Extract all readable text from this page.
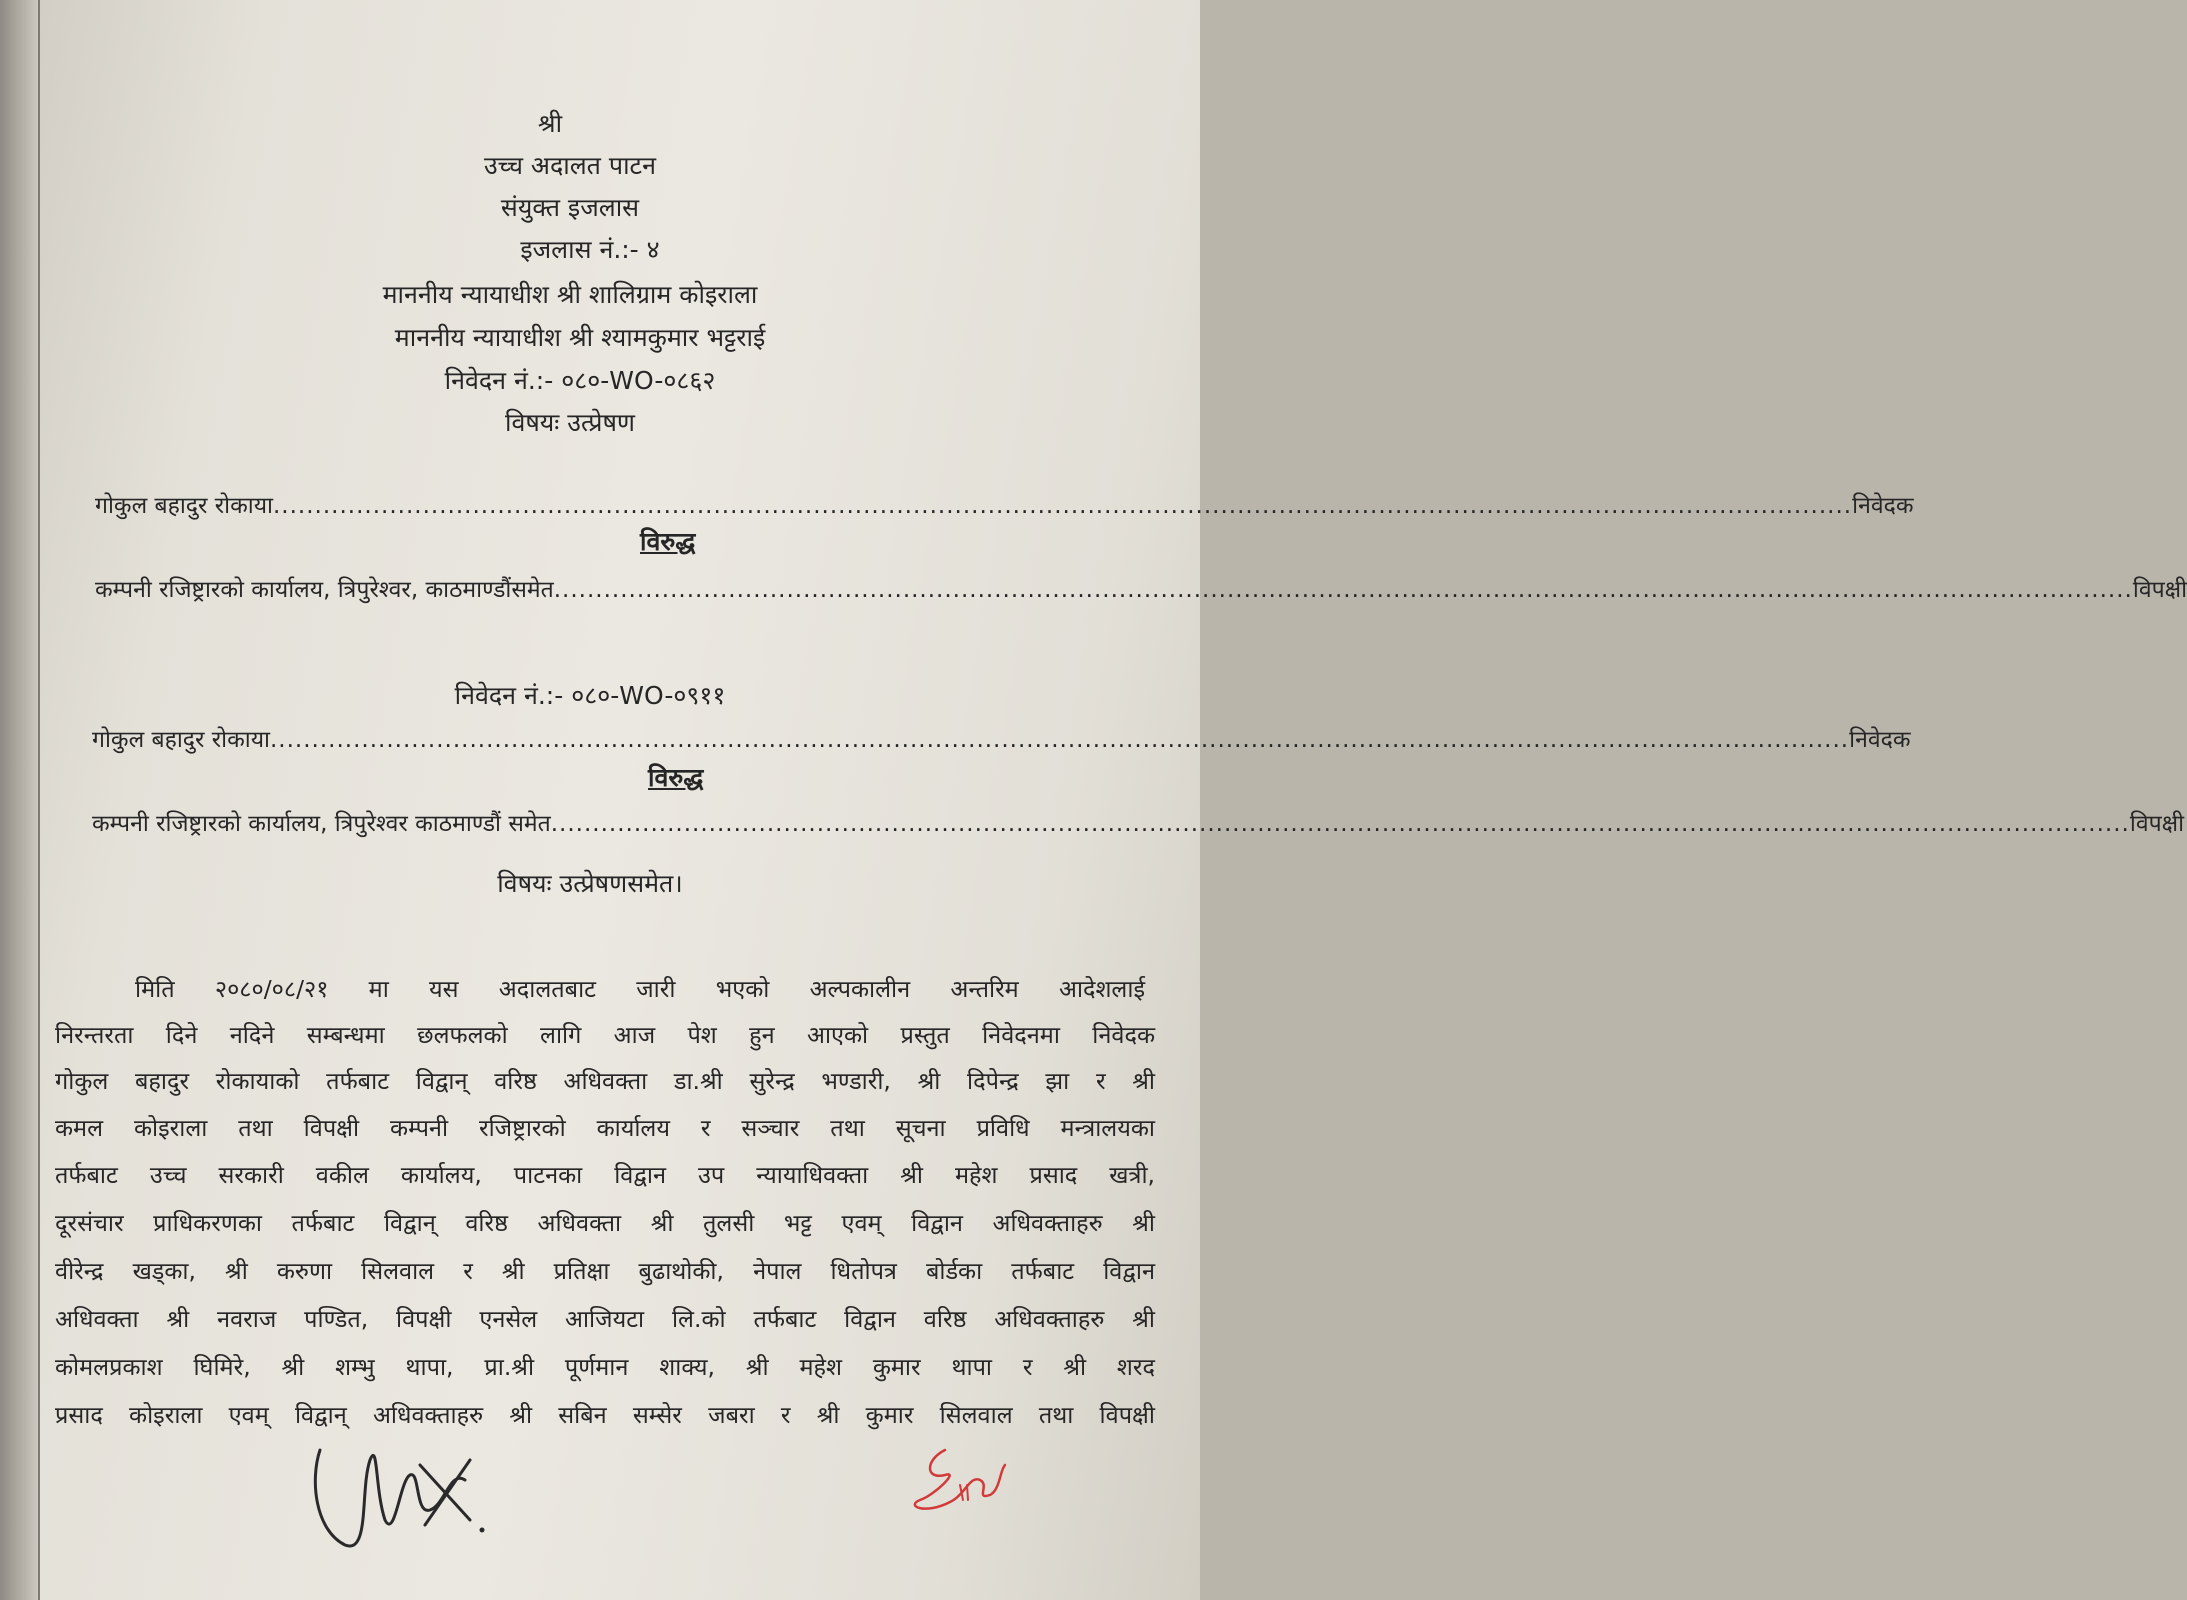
श्री
उच्च अदालत पाटन
संयुक्त इजलास
इजलास नं.:- ४
माननीय न्यायाधीश श्री शालिग्राम कोइराला
माननीय न्यायाधीश श्री श्यामकुमार भट्टराई
निवेदन नं.:- ०८०-WO-०८६२
विषयः उत्प्रेषण
गोकुल बहादुर रोकाया .............................................................................................................................................................................................. निवेदक
विरुद्ध
कम्पनी रजिष्ट्रारको कार्यालय, त्रिपुरेश्वर, काठमाण्डौंसमेत .............................................................................................................................................................................................. विपक्षी
निवेदन नं.:- ०८०-WO-०९११
गोकुल बहादुर रोकाया .............................................................................................................................................................................................. निवेदक
विरुद्ध
कम्पनी रजिष्ट्रारको कार्यालय, त्रिपुरेश्वर काठमाण्डौं समेत .............................................................................................................................................................................................. विपक्षी
विषयः उत्प्रेषणसमेत।
मिति २०८०/०८/२१ मा यस अदालतबाट जारी भएको अल्पकालीन अन्तरिम आदेशलाई
निरन्तरता दिने नदिने सम्बन्धमा छलफलको लागि आज पेश हुन आएको प्रस्तुत निवेदनमा निवेदक
गोकुल बहादुर रोकायाको तर्फबाट विद्वान् वरिष्ठ अधिवक्ता डा.श्री सुरेन्द्र भण्डारी, श्री दिपेन्द्र झा र श्री
कमल कोइराला तथा विपक्षी कम्पनी रजिष्ट्रारको कार्यालय र सञ्चार तथा सूचना प्रविधि मन्त्रालयका
तर्फबाट उच्च सरकारी वकील कार्यालय, पाटनका विद्वान उप न्यायाधिवक्ता श्री महेश प्रसाद खत्री,
दूरसंचार प्राधिकरणका तर्फबाट विद्वान् वरिष्ठ अधिवक्ता श्री तुलसी भट्ट एवम् विद्वान अधिवक्ताहरु श्री
वीरेन्द्र खड्का, श्री करुणा सिलवाल र श्री प्रतिक्षा बुढाथोकी, नेपाल धितोपत्र बोर्डका तर्फबाट विद्वान
अधिवक्ता श्री नवराज पण्डित, विपक्षी एनसेल आजियटा लि.को तर्फबाट विद्वान वरिष्ठ अधिवक्ताहरु श्री
कोमलप्रकाश घिमिरे, श्री शम्भु थापा, प्रा.श्री पूर्णमान शाक्य, श्री महेश कुमार थापा र श्री शरद
प्रसाद कोइराला एवम् विद्वान् अधिवक्ताहरु श्री सबिन सम्सेर जबरा र श्री कुमार सिलवाल तथा विपक्षी
